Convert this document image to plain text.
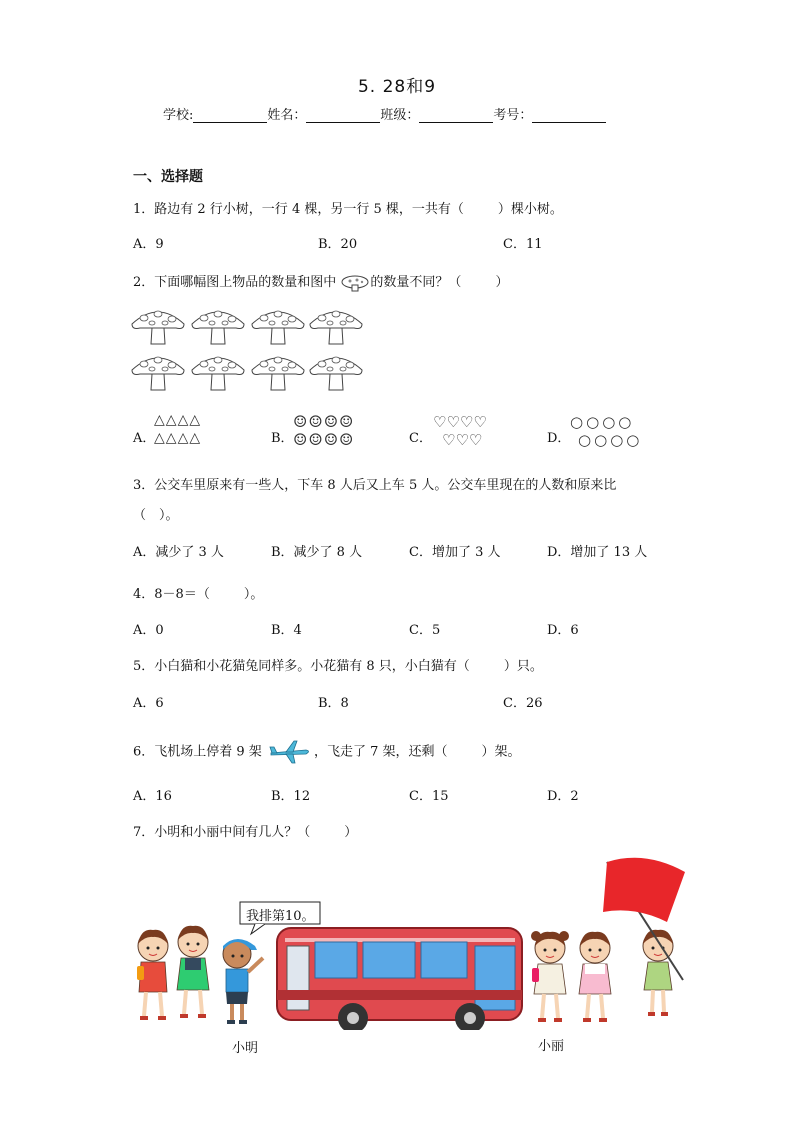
5. 28和9
学校:	姓名：	班级：	考号：
一、选择题
1．路边有 2 行小树，一行 4 棵，另一行 5 棵，一共有（	）棵小树。
A．9	B．20	C．11
2．下面哪幅图上物品的数量和图中	的数量不同？（	）
A．
△△△△
△△△△	B．
☺☺☺☺
☺☺☺☺	C．
♡♡♡♡
♡♡♡	D．
○○○○
○○○○
3．公交车里原来有一些人，下车 8 人后又上车 5 人。公交车里现在的人数和原来比
（　）。
A．减少了 3 人	B．减少了 8 人	C．增加了 3 人	D．增加了 13 人
4．8－8＝（	）。
A．0	B．4	C．5	D．6
5．小白猫和小花猫兔同样多。小花猫有 8 只，小白猫有（	）只。
A．6	B．8	C．26
6．飞机场上停着 9 架	，飞走了 7 架，还剩（	）架。
A．16	B．12	C．15	D．2
7．小明和小丽中间有几人？（	）
我排第10。
小明	小丽
